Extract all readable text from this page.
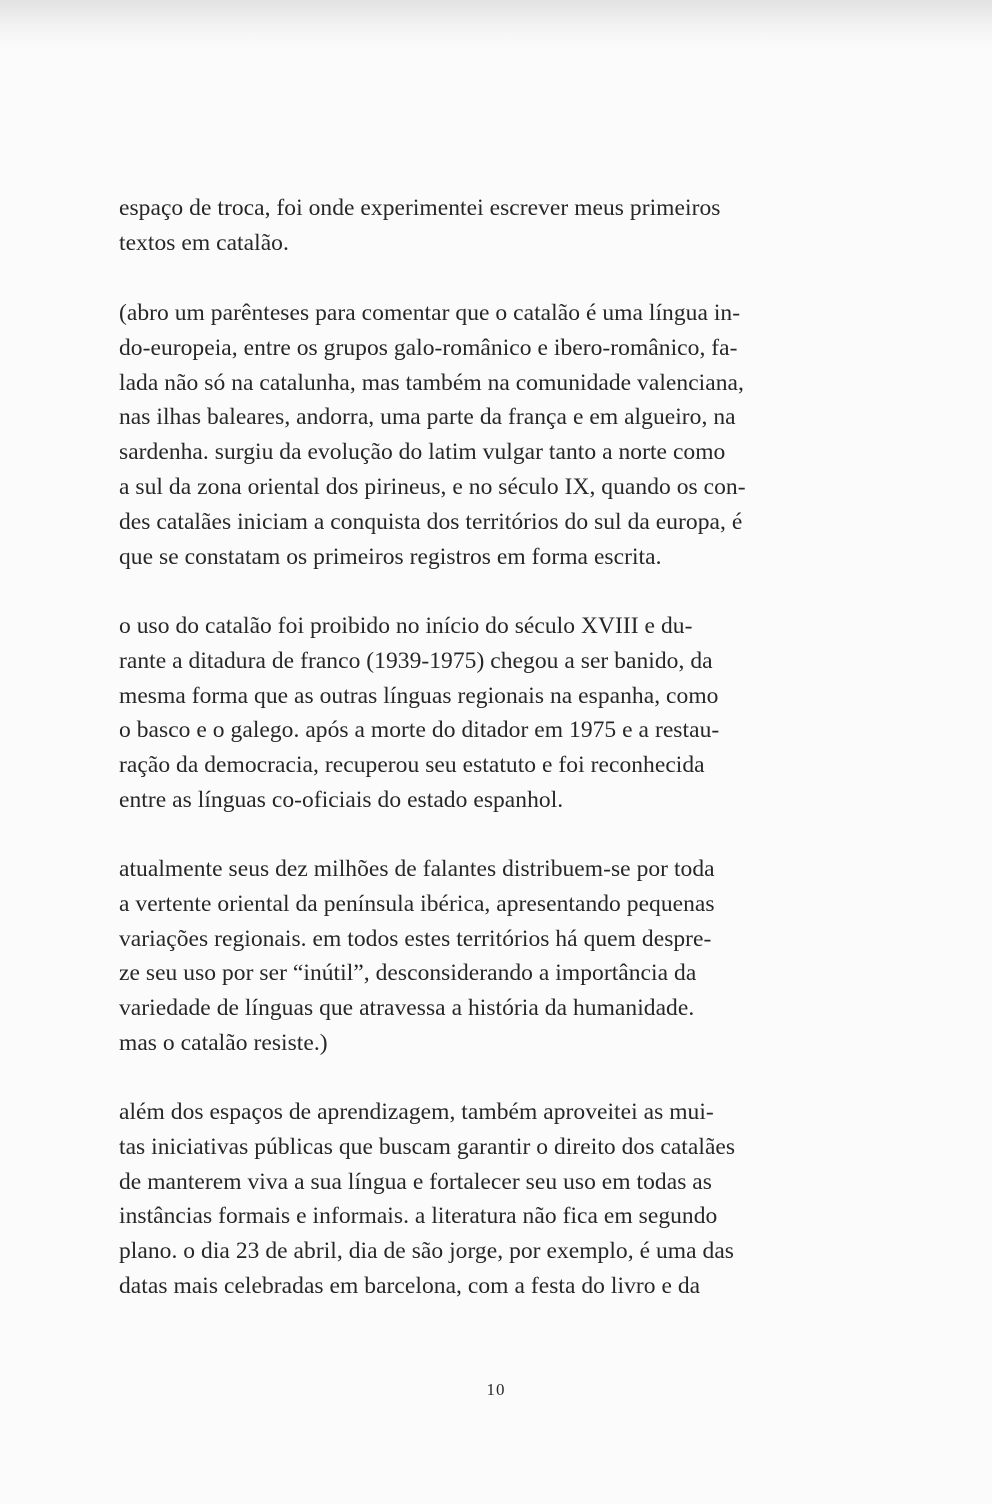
espaço de troca, foi onde experimentei escrever meus primeiros
textos em catalão.

(abro um parênteses para comentar que o catalão é uma língua in-
do-europeia, entre os grupos galo-românico e ibero-românico, fa-
lada não só na catalunha, mas também na comunidade valenciana,
nas ilhas baleares, andorra, uma parte da frança e em algueiro, na
sardenha. surgiu da evolução do latim vulgar tanto a norte como
a sul da zona oriental dos pirineus, e no século IX, quando os con-
des catalães iniciam a conquista dos territórios do sul da europa, é
que se constatam os primeiros registros em forma escrita.

o uso do catalão foi proibido no início do século XVIII e du-
rante a ditadura de franco (1939-1975) chegou a ser banido, da
mesma forma que as outras línguas regionais na espanha, como
o basco e o galego. após a morte do ditador em 1975 e a restau-
ração da democracia, recuperou seu estatuto e foi reconhecida
entre as línguas co-oficiais do estado espanhol.

atualmente seus dez milhões de falantes distribuem-se por toda
a vertente oriental da península ibérica, apresentando pequenas
variações regionais. em todos estes territórios há quem despre-
ze seu uso por ser “inútil”, desconsiderando a importância da
variedade de línguas que atravessa a história da humanidade.
mas o catalão resiste.)

além dos espaços de aprendizagem, também aproveitei as mui-
tas iniciativas públicas que buscam garantir o direito dos catalães
de manterem viva a sua língua e fortalecer seu uso em todas as
instâncias formais e informais. a literatura não fica em segundo
plano. o dia 23 de abril, dia de são jorge, por exemplo, é uma das
datas mais celebradas em barcelona, com a festa do livro e da

10
